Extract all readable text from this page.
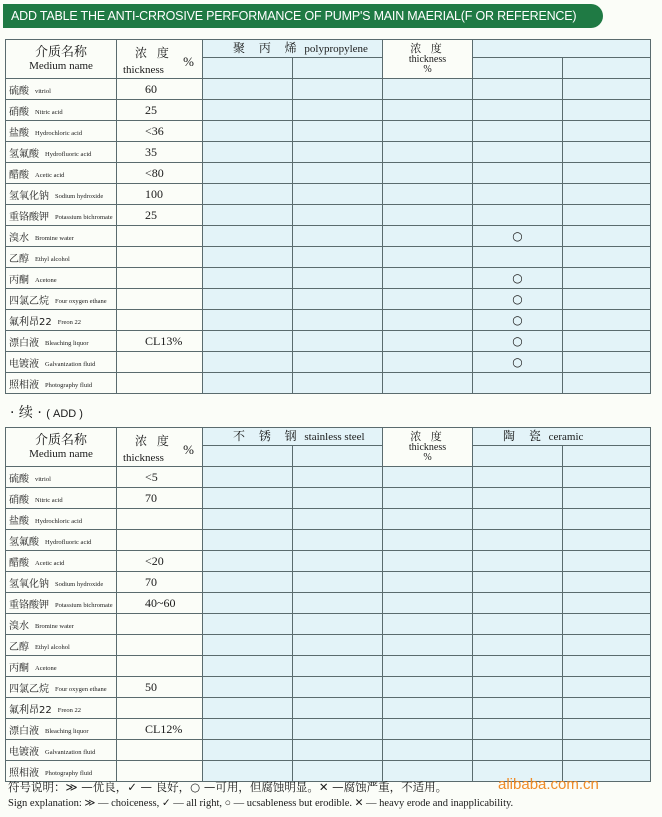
ADD TABLE THE ANTI-CRROSIVE PERFORMANCE OF PUMP'S MAIN MAERIAL(F OR REFERENCE)
介质名称
Medium name	浓 度
thickness
%	聚 丙 烯 polypropylene		浓 度
thickness
%		

硫酸 vitriol	60					
硝酸 Nitric acid	25					
盐酸 Hydrochloric acid	<36					
氢氟酸 Hydrofluoric acid	35					
醋酸 Acetic acid	<80					
氢氧化钠 Sodium hydroxide	100					
重铬酸钾 Potassium bichromate	25					
溴水 Bromine water					○	
乙醇 Ethyl alcohol						
丙酮 Acetone					○	
四氯乙烷 Four oxygen ethane					○	
氟利昂22 Freon 22					○	
漂白液 Bleaching liquor	CL13%				○	
电镀液 Galvanization fluid					○	
照相液 Photography fluid						
· 续 · ( ADD )
介质名称
Medium name	浓 度
thickness
%	不 锈 钢 stainless steel		浓 度
thickness
%	陶 瓷 ceramic	

硫酸 vitriol	<5					
硝酸 Nitric acid	70					
盐酸 Hydrochloric acid						
氢氟酸 Hydrofluoric acid						
醋酸 Acetic acid	<20					
氢氧化钠 Sodium hydroxide	70					
重铬酸钾 Potassium bichromate	40~60					
溴水 Bromine water						
乙醇 Ethyl alcohol						
丙酮 Acetone						
四氯乙烷 Four oxygen ethane	50					
氟利昂22 Freon 22						
漂白液 Bleaching liquor	CL12%					
电镀液 Galvanization fluid						
照相液 Photography fluid						
符号说明：≫ —优良，✓ — 良好，○ —可用，但腐蚀明显。✕ —腐蚀严重，不适用。
Sign explanation: ≫ — choiceness, ✓ — all right, ○ — ucsableness but erodible. ✕ — heavy erode and inapplicability.
alibaba.com.cn
